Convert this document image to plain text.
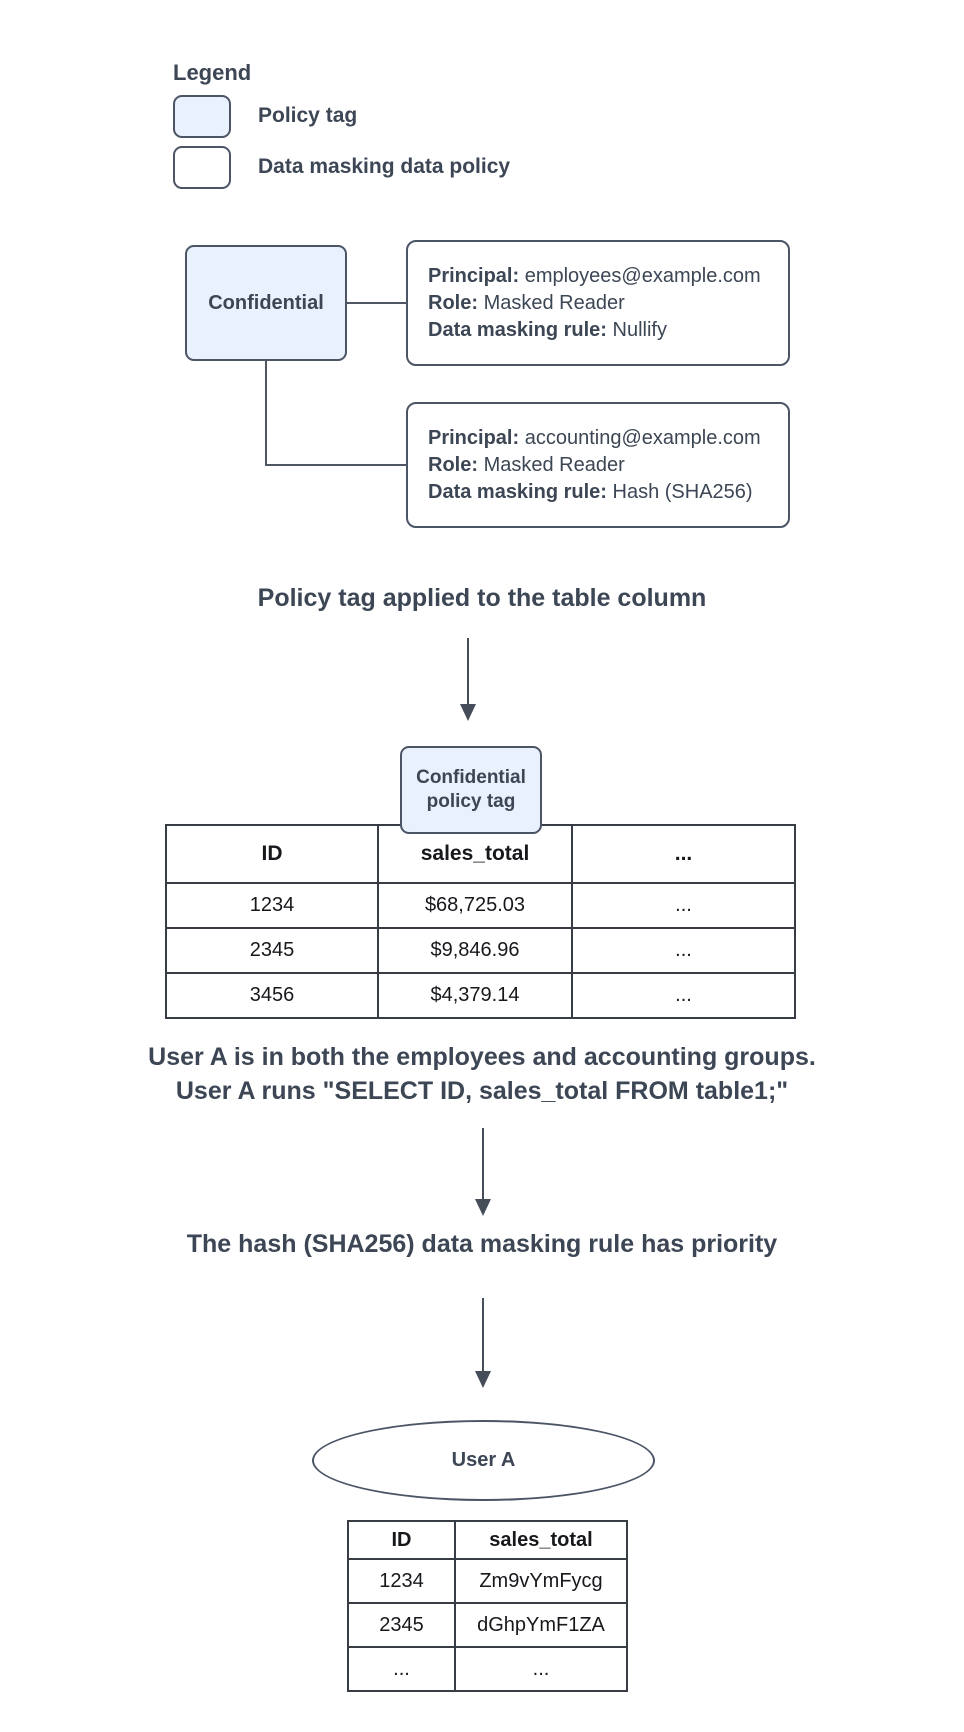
Legend
Policy tag
Data masking data policy
Confidential
Principal: employees@example.com
Role: Masked Reader
Data masking rule: Nullify
Principal: accounting@example.com
Role: Masked Reader
Data masking rule: Hash (SHA256)
Policy tag applied to the table column
ID	sales_total	...
1234	$68,725.03	...
2345	$9,846.96	...
3456	$4,379.14	...
Confidential
policy tag
User A is in both the employees and accounting groups.
User A runs "SELECT ID, sales_total FROM table1;"
The hash (SHA256) data masking rule has priority
User A
ID	sales_total
1234	Zm9vYmFycg
2345	dGhpYmF1ZA
...	...
